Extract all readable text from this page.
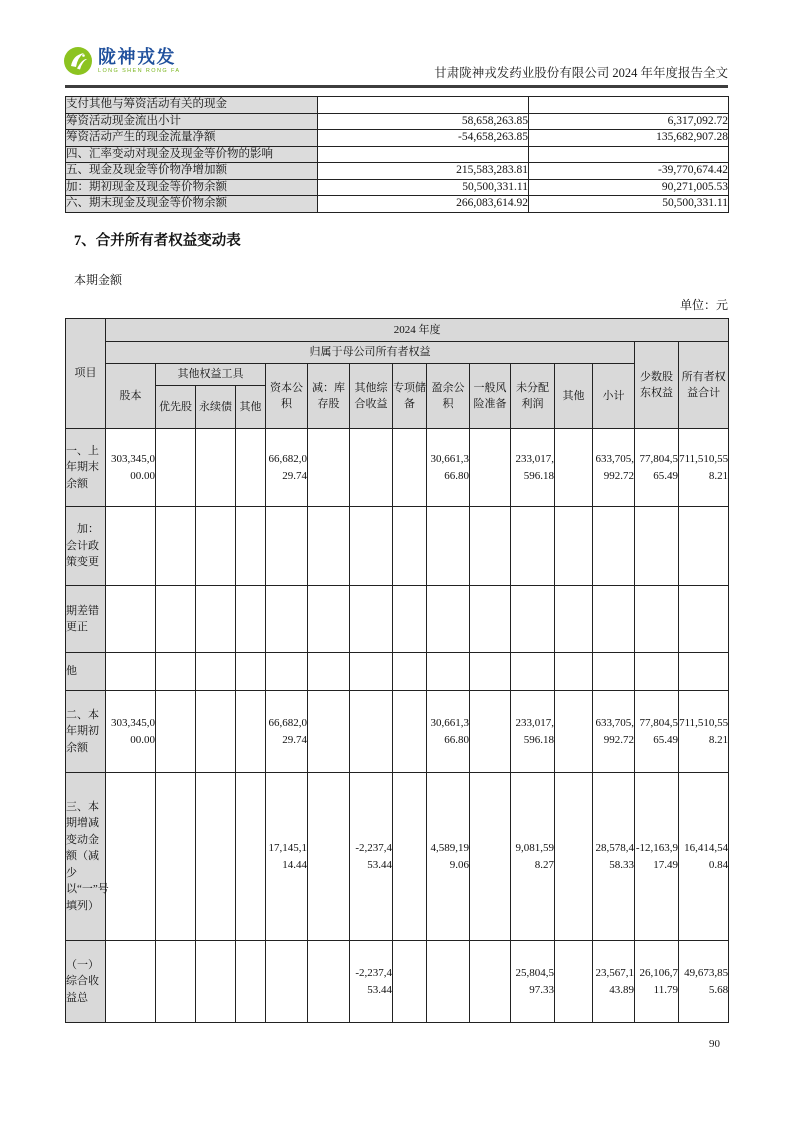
陇神戎发
LONG SHEN RONG FA	甘肃陇神戎发药业股份有限公司 2024 年年度报告全文
支付其他与筹资活动有关的现金		
筹资活动现金流出小计	58,658,263.85	6,317,092.72
筹资活动产生的现金流量净额	-54,658,263.85	135,682,907.28
四、汇率变动对现金及现金等价物的影响		
五、现金及现金等价物净增加额	215,583,283.81	-39,770,674.42
加：期初现金及现金等价物余额	50,500,331.11	90,271,005.53
六、期末现金及现金等价物余额	266,083,614.92	50,500,331.11
7、合并所有者权益变动表
本期金额
单位：元
项目	2024 年度														
	归属于母公司所有者权益													少数股东权益	所有者权益合计
	股本	其他权益工具			资本公积	减：库存股	其他综合收益	专项储备	盈余公积	一般风险准备	未分配利润	其他	小计		
		优先股	永续债	其他											
一、上年期末余额	303,345,000.00				66,682,029.74				30,661,366.80		233,017,596.18		633,705,992.72	77,804,565.49	711,510,558.21
　加：会计政策变更															
期差错更正															
他															
二、本年期初余额	303,345,000.00				66,682,029.74				30,661,366.80		233,017,596.18		633,705,992.72	77,804,565.49	711,510,558.21
三、本期增减变动金额（减少以“一”号填列）					17,145,114.44		-2,237,453.44		4,589,199.06		9,081,598.27		28,578,458.33	-12,163,917.49	16,414,540.84
（一）综合收益总							-2,237,453.44				25,804,597.33		23,567,143.89	26,106,711.79	49,673,855.68
90
